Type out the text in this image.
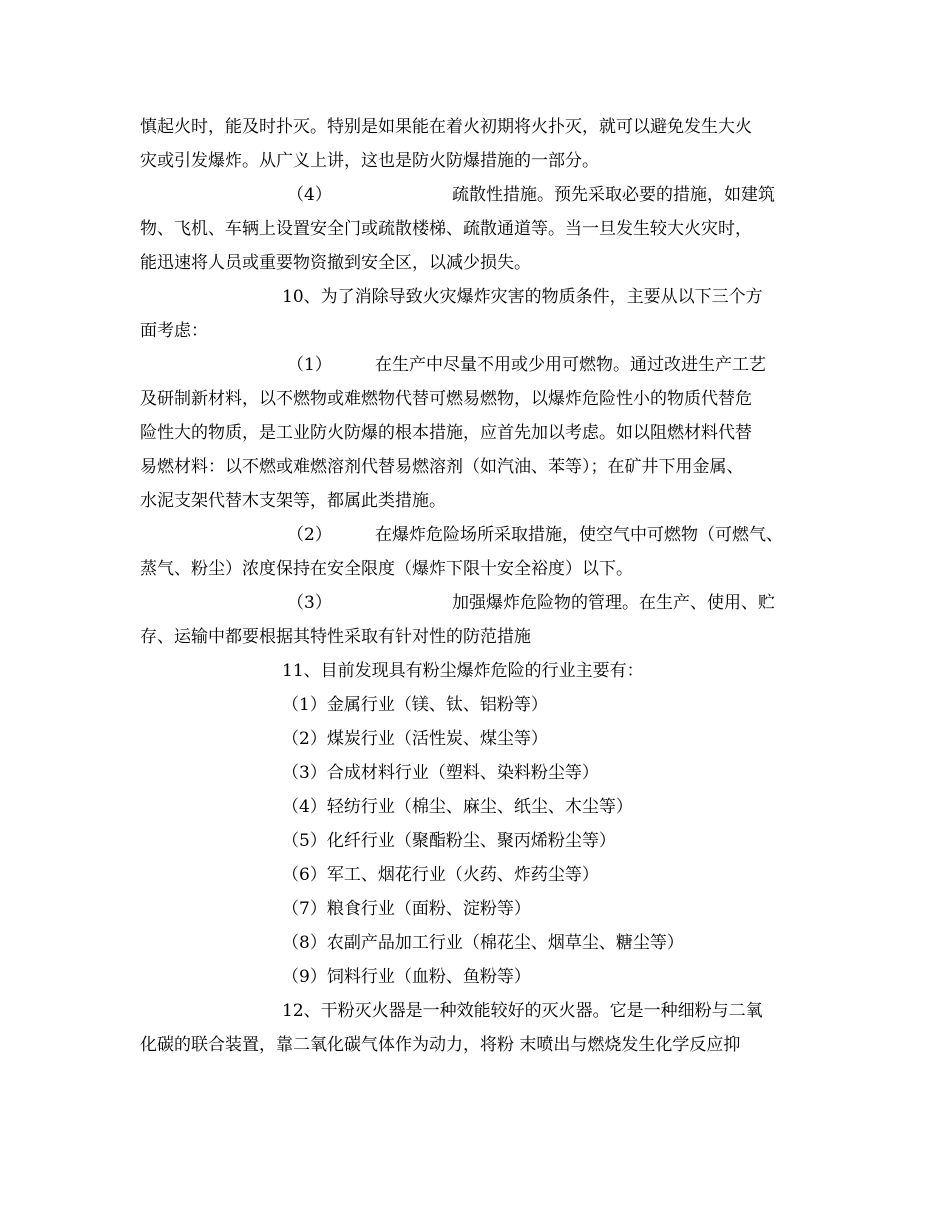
慎起火时，能及时扑灭。特别是如果能在着火初期将火扑灭，就可以避免发生大火
灾或引发爆炸。从广义上讲，这也是防火防爆措施的一部分。
（4）	疏散性措施。预先采取必要的措施，如建筑
物、飞机、车辆上设置安全门或疏散楼梯、疏散通道等。当一旦发生较大火灾时，
能迅速将人员或重要物资撤到安全区，以减少损失。
10、为了消除导致火灾爆炸灾害的物质条件，主要从以下三个方
面考虑：
（1）	在生产中尽量不用或少用可燃物。通过改进生产工艺
及研制新材料，以不燃物或难燃物代替可燃易燃物，以爆炸危险性小的物质代替危
险性大的物质，是工业防火防爆的根本措施，应首先加以考虑。如以阻燃材料代替
易燃材料：以不燃或难燃溶剂代替易燃溶剂（如汽油、苯等）；在矿井下用金属、
水泥支架代替木支架等，都属此类措施。
（2）	在爆炸危险场所采取措施，使空气中可燃物（可燃气、
蒸气、粉尘）浓度保持在安全限度（爆炸下限十安全裕度）以下。
（3）	加强爆炸危险物的管理。在生产、使用、贮
存、运输中都要根据其特性采取有针对性的防范措施
11、目前发现具有粉尘爆炸危险的行业主要有：
（1）金属行业（镁、钛、铝粉等）
（2）煤炭行业（活性炭、煤尘等）
（3）合成材料行业（塑料、染料粉尘等）
（4）轻纺行业（棉尘、麻尘、纸尘、木尘等）
（5）化纤行业（聚酯粉尘、聚丙烯粉尘等）
（6）军工、烟花行业（火药、炸药尘等）
（7）粮食行业（面粉、淀粉等）
（8）农副产品加工行业（棉花尘、烟草尘、糖尘等）
（9）饲料行业（血粉、鱼粉等）
12、干粉灭火器是一种效能较好的灭火器。它是一种细粉与二氧
化碳的联合装置，靠二氧化碳气体作为动力，将粉 末喷出与燃烧发生化学反应抑
